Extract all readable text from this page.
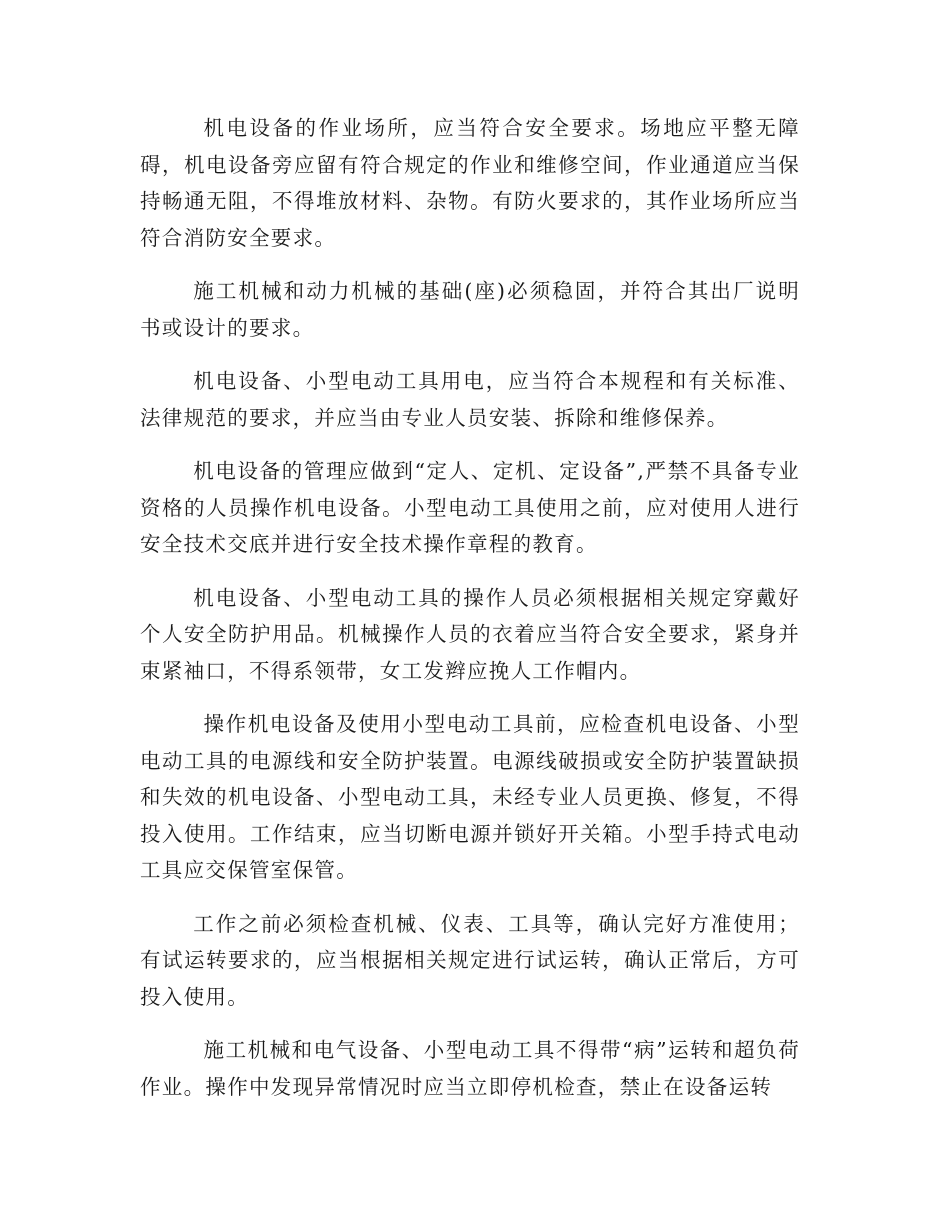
机电设备的作业场所，应当符合安全要求。场地应平整无障碍，机电设备旁应留有符合规定的作业和维修空间，作业通道应当保持畅通无阻，不得堆放材料、杂物。有防火要求的，其作业场所应当符合消防安全要求。

施工机械和动力机械的基础(座)必须稳固，并符合其出厂说明书或设计的要求。

机电设备、小型电动工具用电，应当符合本规程和有关标准、法律规范的要求，并应当由专业人员安装、拆除和维修保养。

机电设备的管理应做到“定人、定机、定设备”,严禁不具备专业资格的人员操作机电设备。小型电动工具使用之前，应对使用人进行安全技术交底并进行安全技术操作章程的教育。

机电设备、小型电动工具的操作人员必须根据相关规定穿戴好个人安全防护用品。机械操作人员的衣着应当符合安全要求，紧身并束紧袖口，不得系领带，女工发辫应挽人工作帽内。

操作机电设备及使用小型电动工具前，应检查机电设备、小型电动工具的电源线和安全防护装置。电源线破损或安全防护装置缺损和失效的机电设备、小型电动工具，未经专业人员更换、修复，不得投入使用。工作结束，应当切断电源并锁好开关箱。小型手持式电动工具应交保管室保管。

工作之前必须检查机械、仪表、工具等，确认完好方准使用；有试运转要求的，应当根据相关规定进行试运转，确认正常后，方可投入使用。

施工机械和电气设备、小型电动工具不得带“病”运转和超负荷作业。操作中发现异常情况时应当立即停机检查，禁止在设备运转
